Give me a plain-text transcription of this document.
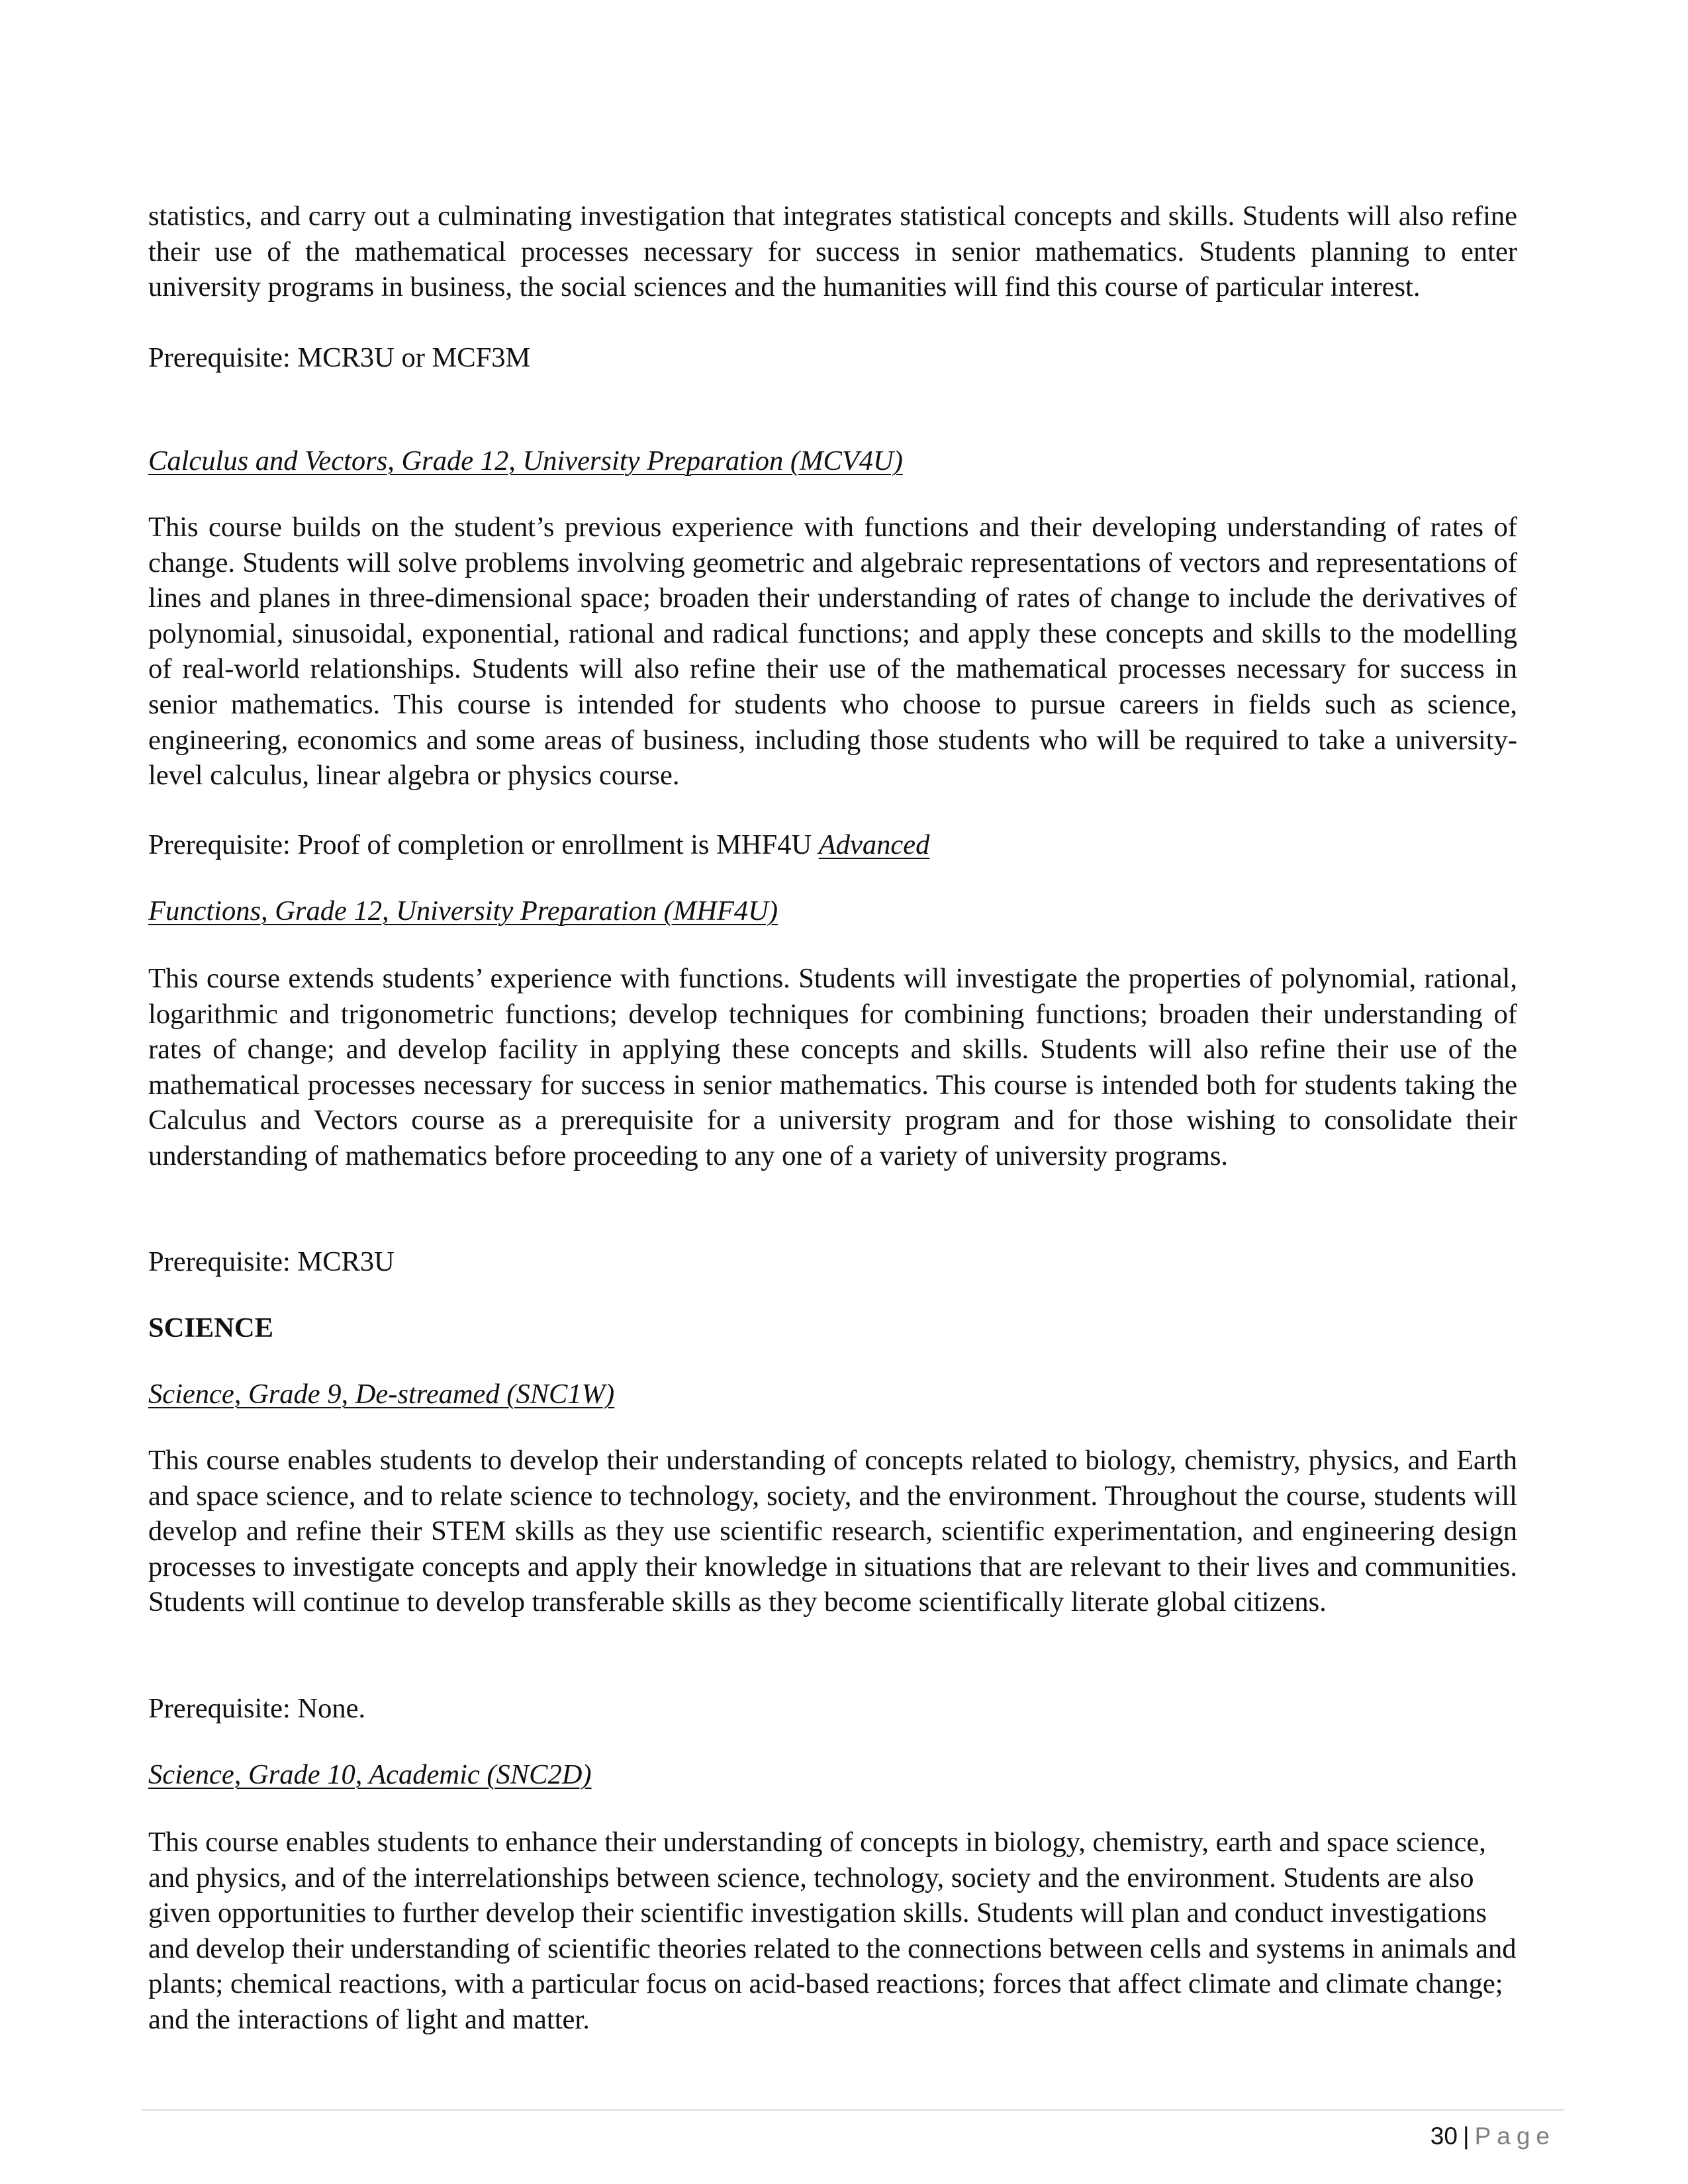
statistics, and carry out a culminating investigation that integrates statistical concepts and skills. Students will also refine their use of the mathematical processes necessary for success in senior mathematics. Students planning to enter university programs in business, the social sciences and the humanities will find this course of particular interest.

Prerequisite: MCR3U or MCF3M

Calculus and Vectors, Grade 12, University Preparation (MCV4U)

This course builds on the student’s previous experience with functions and their developing understanding of rates of change. Students will solve problems involving geometric and algebraic representations of vectors and representations of lines and planes in three-dimensional space; broaden their understanding of rates of change to include the derivatives of polynomial, sinusoidal, exponential, rational and radical functions; and apply these concepts and skills to the modelling of real-world relationships. Students will also refine their use of the mathematical processes necessary for success in senior mathematics. This course is intended for students who choose to pursue careers in fields such as science, engineering, economics and some areas of business, including those students who will be required to take a university-level calculus, linear algebra or physics course.

Prerequisite: Proof of completion or enrollment is MHF4U Advanced

Functions, Grade 12, University Preparation (MHF4U)

This course extends students’ experience with functions. Students will investigate the properties of polynomial, rational, logarithmic and trigonometric functions; develop techniques for combining functions; broaden their understanding of rates of change; and develop facility in applying these concepts and skills. Students will also refine their use of the mathematical processes necessary for success in senior mathematics. This course is intended both for students taking the Calculus and Vectors course as a prerequisite for a university program and for those wishing to consolidate their understanding of mathematics before proceeding to any one of a variety of university programs.

Prerequisite: MCR3U

SCIENCE

Science, Grade 9, De-streamed (SNC1W)

This course enables students to develop their understanding of concepts related to biology, chemistry, physics, and Earth and space science, and to relate science to technology, society, and the environment. Throughout the course, students will develop and refine their STEM skills as they use scientific research, scientific experimentation, and engineering design processes to investigate concepts and apply their knowledge in situations that are relevant to their lives and communities. Students will continue to develop transferable skills as they become scientifically literate global citizens.

Prerequisite: None.

Science, Grade 10, Academic (SNC2D)

This course enables students to enhance their understanding of concepts in biology, chemistry, earth and space science, and physics, and of the interrelationships between science, technology, society and the environment. Students are also given opportunities to further develop their scientific investigation skills. Students will plan and conduct investigations and develop their understanding of scientific theories related to the connections between cells and systems in animals and plants; chemical reactions, with a particular focus on acid-based reactions; forces that affect climate and climate change; and the interactions of light and matter.

30 | Page
